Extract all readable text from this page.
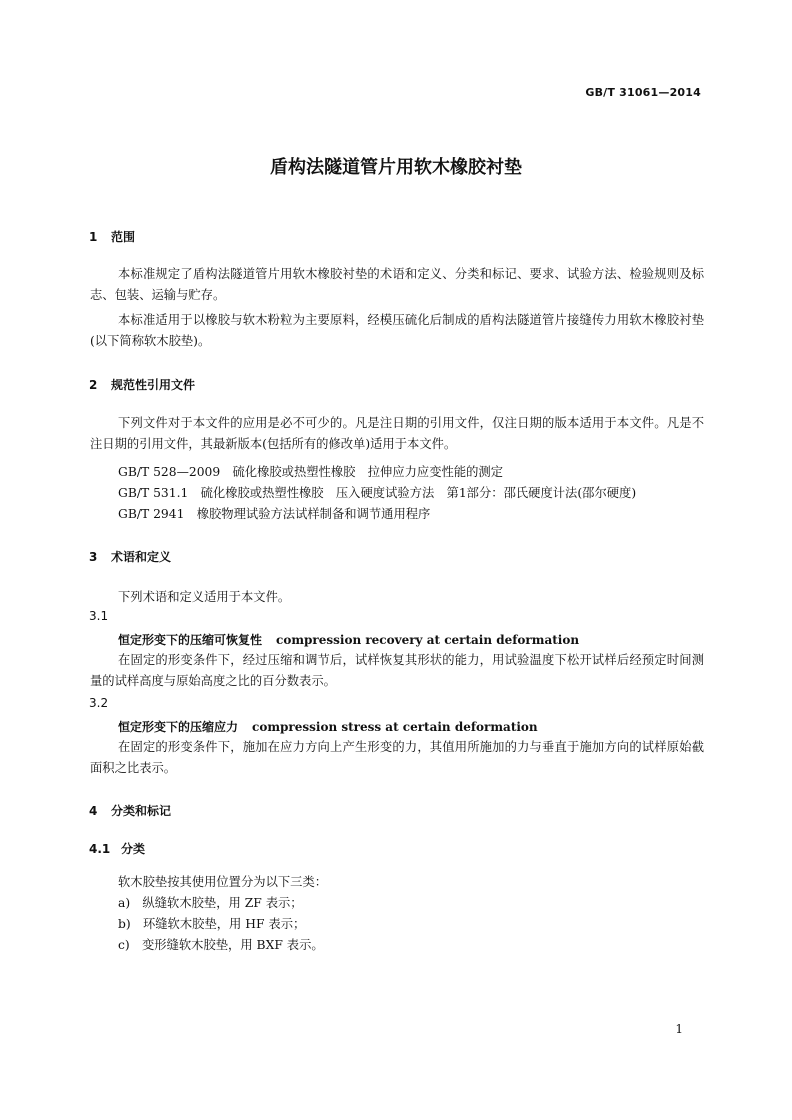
GB/T 31061—2014
盾构法隧道管片用软木橡胶衬垫
1 范围
本标准规定了盾构法隧道管片用软木橡胶衬垫的术语和定义、分类和标记、要求、试验方法、检验规则及标志、包装、运输与贮存。
本标准适用于以橡胶与软木粉粒为主要原料，经模压硫化后制成的盾构法隧道管片接缝传力用软木橡胶衬垫(以下简称软木胶垫)。
2 规范性引用文件
下列文件对于本文件的应用是必不可少的。凡是注日期的引用文件，仅注日期的版本适用于本文件。凡是不注日期的引用文件，其最新版本(包括所有的修改单)适用于本文件。
GB/T 528—2009　硫化橡胶或热塑性橡胶　拉伸应力应变性能的测定
GB/T 531.1　硫化橡胶或热塑性橡胶　压入硬度试验方法　第1部分：邵氏硬度计法(邵尔硬度)
GB/T 2941　橡胶物理试验方法试样制备和调节通用程序
3 术语和定义
下列术语和定义适用于本文件。
3.1
恒定形变下的压缩可恢复性 compression recovery at certain deformation
在固定的形变条件下，经过压缩和调节后，试样恢复其形状的能力，用试验温度下松开试样后经预定时间测量的试样高度与原始高度之比的百分数表示。
3.2
恒定形变下的压缩应力 compression stress at certain deformation
在固定的形变条件下，施加在应力方向上产生形变的力，其值用所施加的力与垂直于施加方向的试样原始截面积之比表示。
4 分类和标记
4.1 分类
软木胶垫按其使用位置分为以下三类：
a)　纵缝软木胶垫，用 ZF 表示；
b)　环缝软木胶垫，用 HF 表示；
c)　变形缝软木胶垫，用 BXF 表示。
1
